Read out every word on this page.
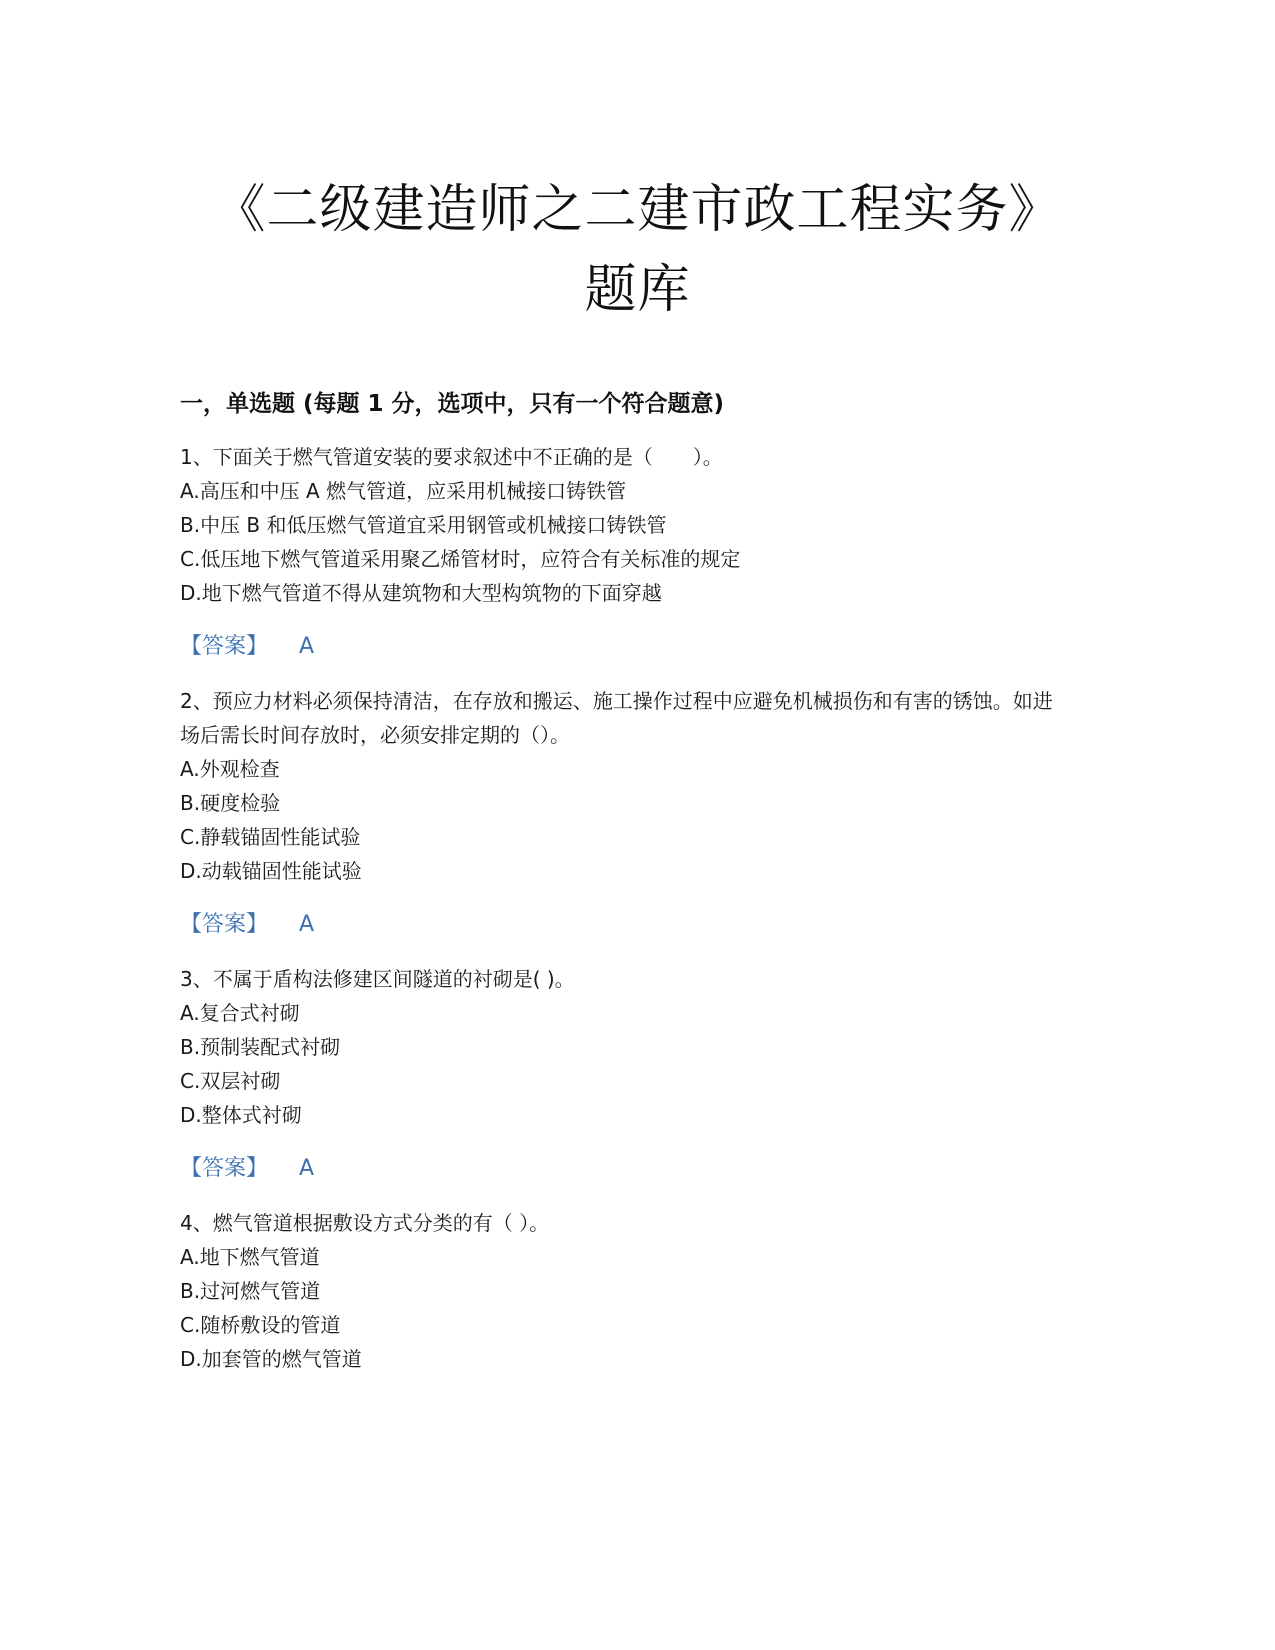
《二级建造师之二建市政工程实务》
题库
一，单选题 (每题 1 分，选项中，只有一个符合题意)

1、下面关于燃气管道安装的要求叙述中不正确的是（　　）。

A.高压和中压 A 燃气管道，应采用机械接口铸铁管

B.中压 B 和低压燃气管道宜采用钢管或机械接口铸铁管

C.低压地下燃气管道采用聚乙烯管材时，应符合有关标准的规定

D.地下燃气管道不得从建筑物和大型构筑物的下面穿越

【答案】 A

2、预应力材料必须保持清洁，在存放和搬运、施工操作过程中应避免机械损伤和有害的锈蚀。如进场后需长时间存放时，必须安排定期的（）。

A.外观检查

B.硬度检验

C.静载锚固性能试验

D.动载锚固性能试验

【答案】 A

3、不属于盾构法修建区间隧道的衬砌是( )。

A.复合式衬砌

B.预制装配式衬砌

C.双层衬砌

D.整体式衬砌

【答案】 A

4、燃气管道根据敷设方式分类的有（ ）。

A.地下燃气管道

B.过河燃气管道

C.随桥敷设的管道

D.加套管的燃气管道
